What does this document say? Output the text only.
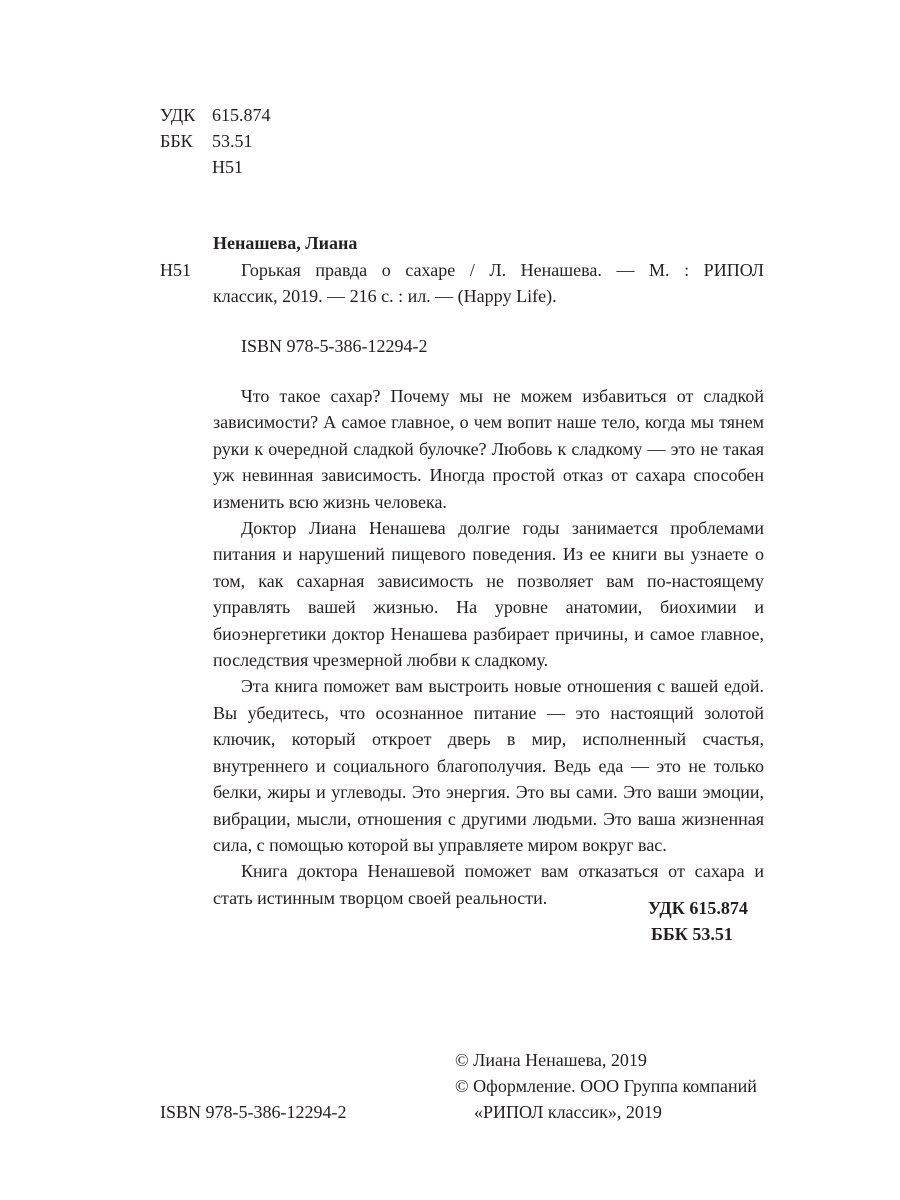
УДК 615.874
ББК 53.51
Н51
Ненашева, Лиана
Н51	Горькая правда о сахаре / Л. Ненашева. — М. : РИПОЛ
классик, 2019. — 216 с. : ил. — (Happy Life).
ISBN 978-5-386-12294-2

Что такое сахар? Почему мы не можем избавиться от сладкой зависимости? А самое главное, о чем вопит наше тело, когда мы тянем руки к очередной сладкой булочке? Любовь к сладкому — это не такая уж невинная зависимость. Иногда простой отказ от сахара способен изменить всю жизнь человека.

Доктор Лиана Ненашева долгие годы занимается проблемами питания и нарушений пищевого поведения. Из ее книги вы узнаете о том, как сахарная зависимость не позволяет вам по-настоящему управлять вашей жизнью. На уровне анатомии, биохимии и биоэнергетики доктор Ненашева разбирает причины, и самое главное, последствия чрезмерной любви к сладкому.

Эта книга поможет вам выстроить новые отношения с вашей едой. Вы убедитесь, что осознанное питание — это настоящий золотой ключик, который откроет дверь в мир, исполненный счастья, внутреннего и социального благополучия. Ведь еда — это не только белки, жиры и углеводы. Это энергия. Это вы сами. Это ваши эмоции, вибрации, мысли, отношения с другими людьми. Это ваша жизненная сила, с помощью которой вы управляете миром вокруг вас.

Книга доктора Ненашевой поможет вам отказаться от сахара и стать истинным творцом своей реальности.

УДК 615.874
ББК 53.51
© Лиана Ненашева, 2019
© Оформление. ООО Группа компаний
ISBN 978-5-386-12294-2	«РИПОЛ классик», 2019
